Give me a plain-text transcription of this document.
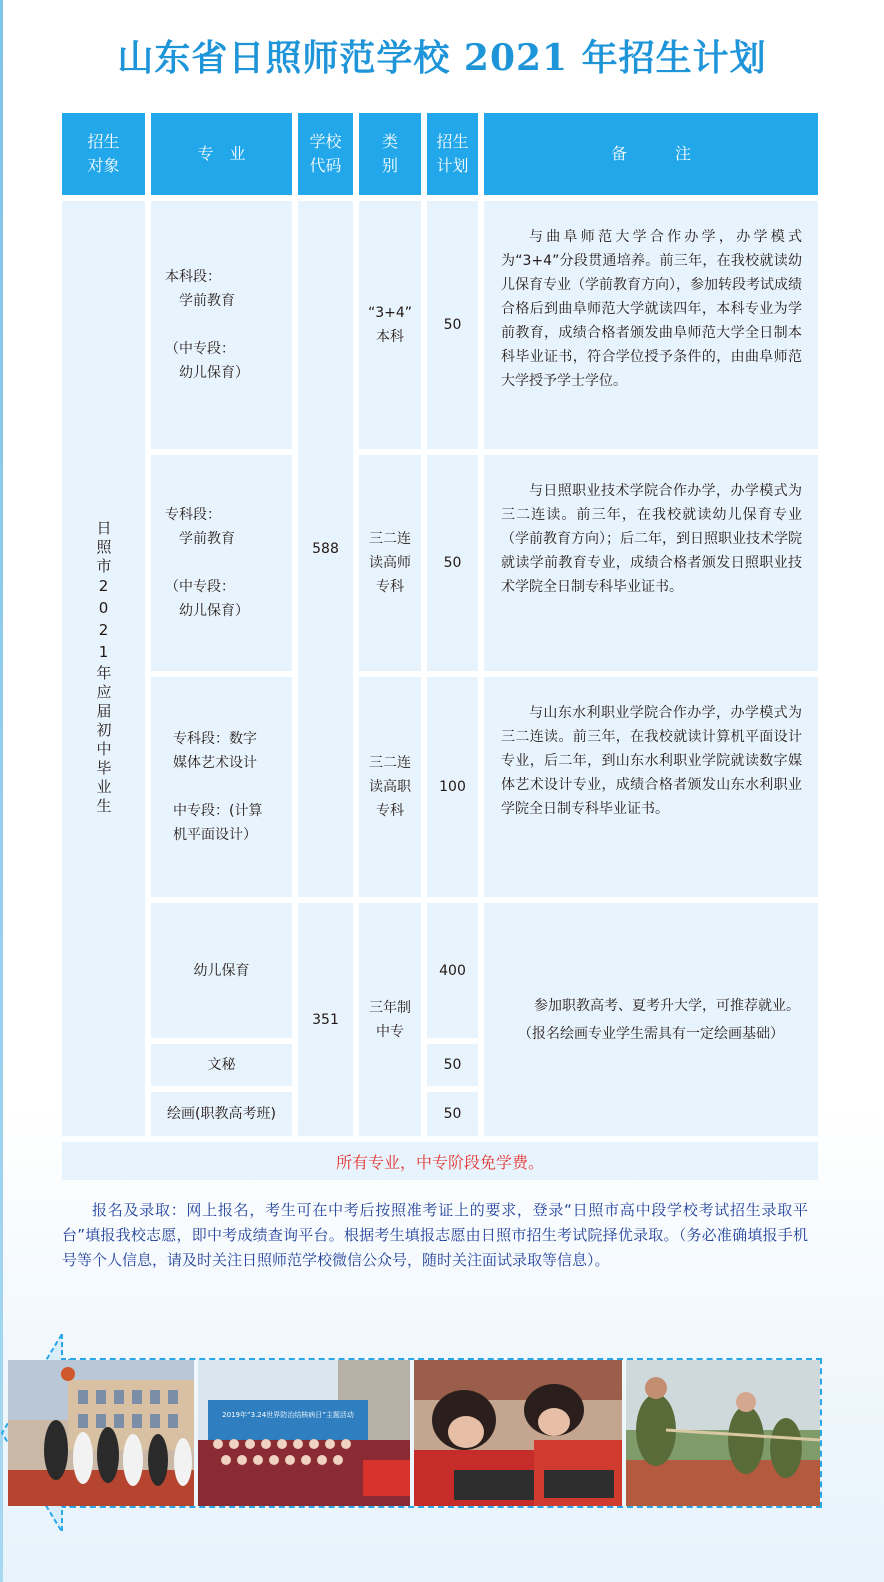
山东省日照师范学校 2021 年招生计划
招生
对象
专　业
学校
代码
类
别
招生
计划
备　　　注
日照市2021年应届初中毕业生
本科段：
　学前教育

（中专段：
　幼儿保育）
“3+4”
本科
50
与曲阜师范大学合作办学，办学模式为“3+4”分段贯通培养。前三年，在我校就读幼儿保育专业（学前教育方向），参加转段考试成绩合格后到曲阜师范大学就读四年，本科专业为学前教育，成绩合格者颁发曲阜师范大学全日制本科毕业证书，符合学位授予条件的，由曲阜师范大学授予学士学位。
588
专科段：
　学前教育

（中专段：
　幼儿保育）
三二连
读高师
专科
50
与日照职业技术学院合作办学，办学模式为三二连读。前三年，在我校就读幼儿保育专业（学前教育方向）；后二年，到日照职业技术学院就读学前教育专业，成绩合格者颁发日照职业技术学院全日制专科毕业证书。
专科段：数字
媒体艺术设计

中专段：(计算
机平面设计）
三二连
读高职
专科
100
与山东水利职业学院合作办学，办学模式为三二连读。前三年，在我校就读计算机平面设计专业，后二年，到山东水利职业学院就读数字媒体艺术设计专业，成绩合格者颁发山东水利职业学院全日制专科毕业证书。
幼儿保育
文秘
绘画(职教高考班)
351
三年制
中专
400
50
50
参加职教高考、夏考升大学，可推荐就业。
（报名绘画专业学生需具有一定绘画基础）
所有专业，中专阶段免学费。
报名及录取：网上报名，考生可在中考后按照准考证上的要求，登录“日照市高中段学校考试招生录取平台”填报我校志愿，即中考成绩查询平台。根据考生填报志愿由日照市招生考试院择优录取。（务必准确填报手机号等个人信息，请及时关注日照师范学校微信公众号，随时关注面试录取等信息）。
2019年“3.24世界防治结核病日”主题活动
